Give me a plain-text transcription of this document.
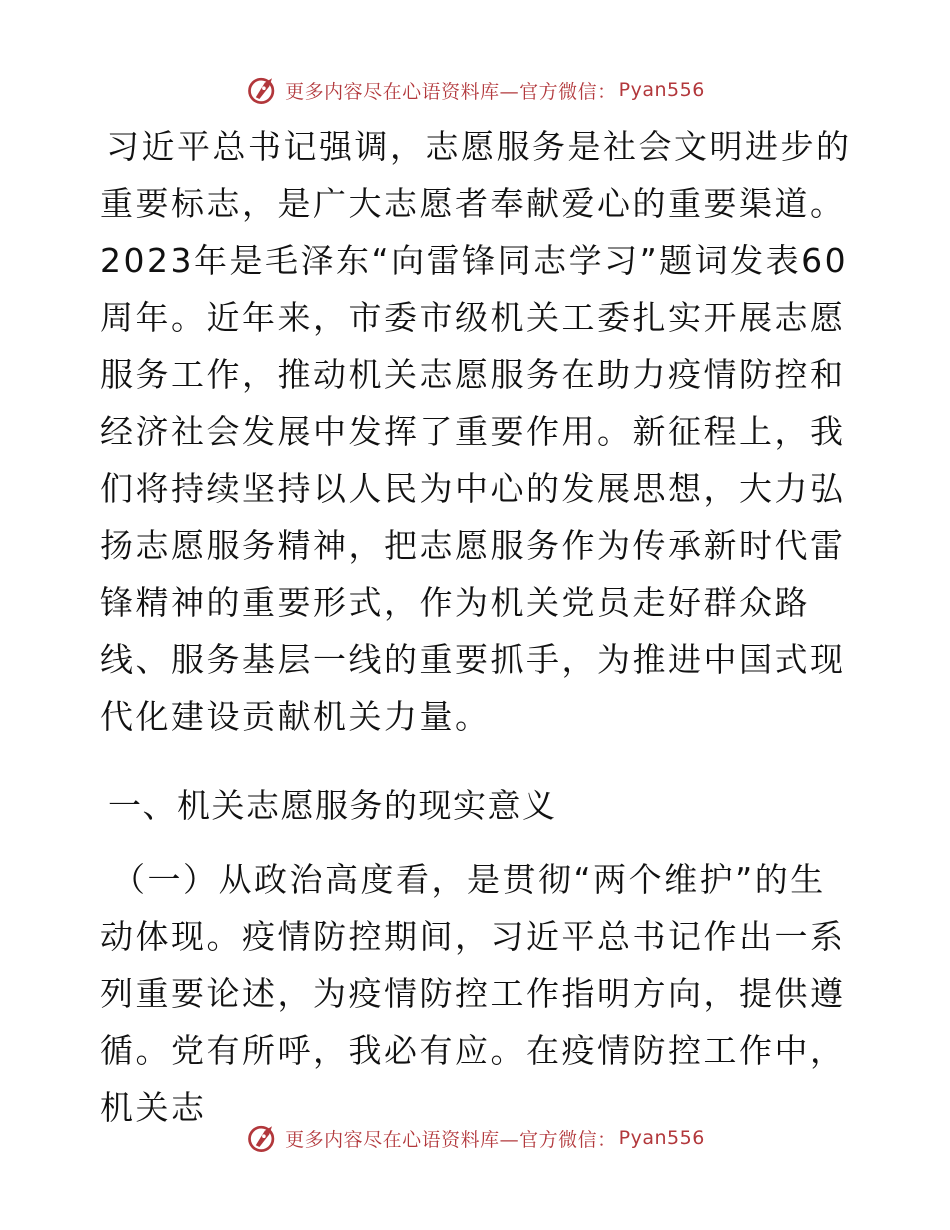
更多内容尽在心语资料库—官方微信： Pyan556

习近平总书记强调，志愿服务是社会文明进步的重要标志，是广大志愿者奉献爱心的重要渠道。2023年是毛泽东“向雷锋同志学习”题词发表60周年。近年来，市委市级机关工委扎实开展志愿服务工作，推动机关志愿服务在助力疫情防控和经济社会发展中发挥了重要作用。新征程上，我们将持续坚持以人民为中心的发展思想，大力弘扬志愿服务精神，把志愿服务作为传承新时代雷锋精神的重要形式，作为机关党员走好群众路线、服务基层一线的重要抓手，为推进中国式现代化建设贡献机关力量。

一、机关志愿服务的现实意义

（一）从政治高度看，是贯彻“两个维护”的生动体现。疫情防控期间，习近平总书记作出一系列重要论述，为疫情防控工作指明方向，提供遵循。党有所呼，我必有应。在疫情防控工作中，机关志

更多内容尽在心语资料库—官方微信： Pyan556
